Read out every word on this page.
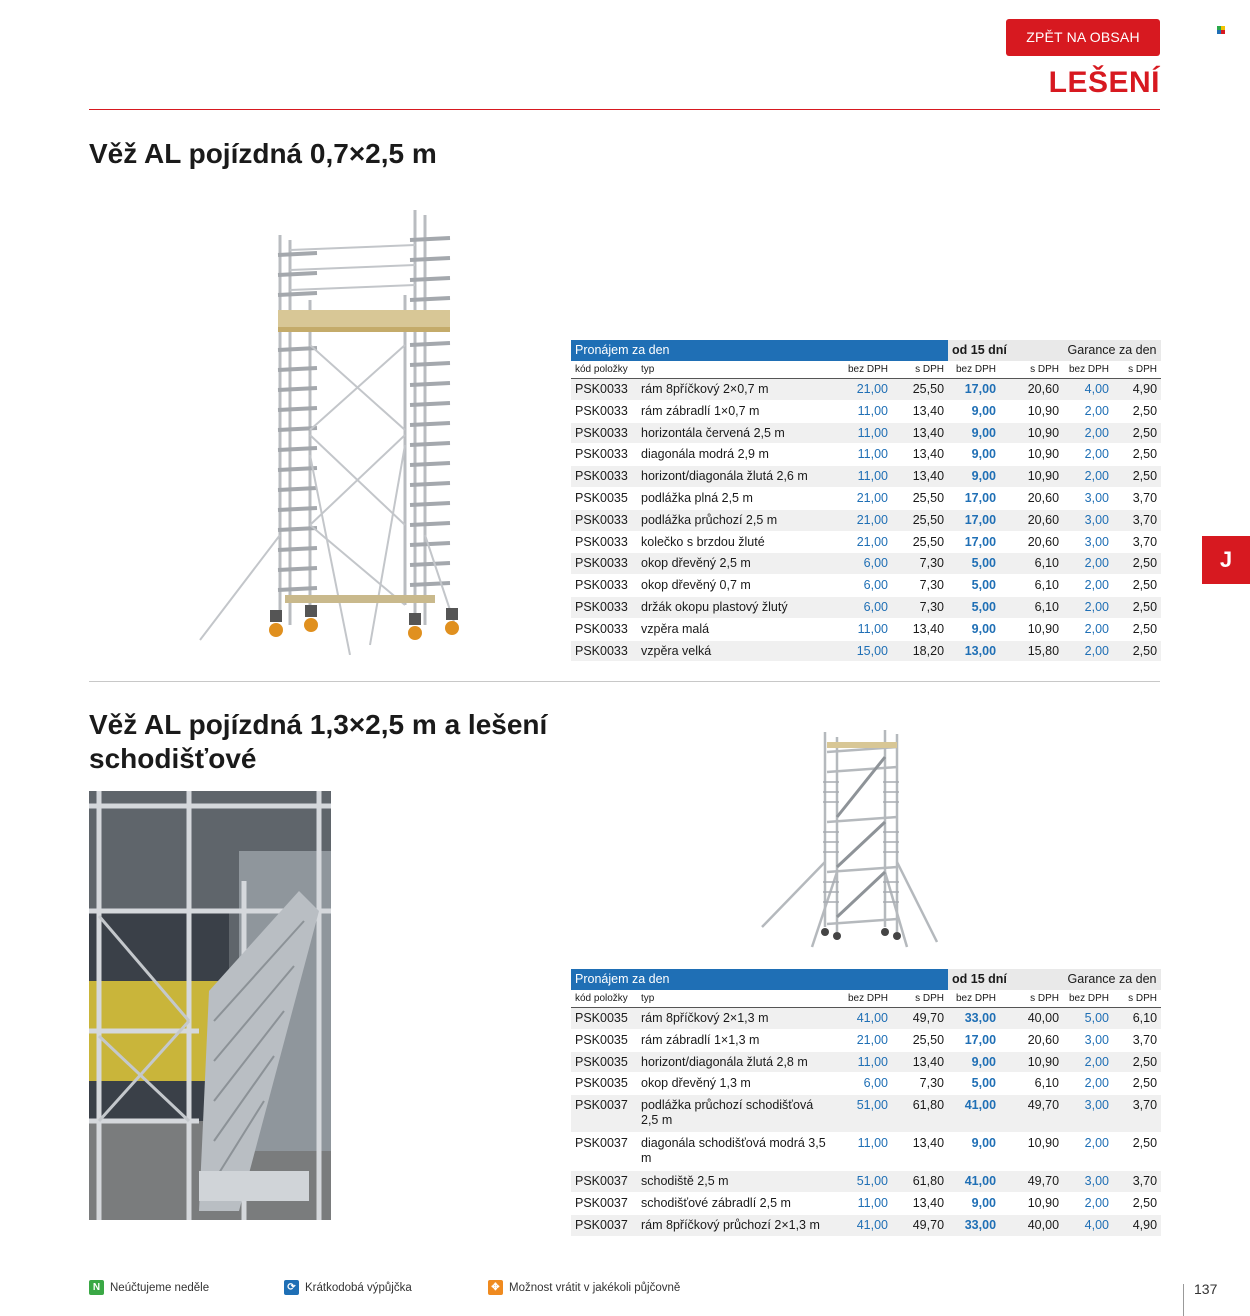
ZPĚT NA OBSAH
LEŠENÍ
J
Věž AL pojízdná 0,7×2,5 m
Pronájem za den				od 15 dní		Garance za den	
kód položky	typ	bez DPH	s DPH	bez DPH	s DPH	bez DPH	s DPH
PSK0033	rám 8příčkový 2×0,7 m	21,00	25,50	17,00	20,60	4,00	4,90
PSK0033	rám zábradlí 1×0,7 m	11,00	13,40	9,00	10,90	2,00	2,50
PSK0033	horizontála červená 2,5 m	11,00	13,40	9,00	10,90	2,00	2,50
PSK0033	diagonála modrá 2,9 m	11,00	13,40	9,00	10,90	2,00	2,50
PSK0033	horizont/diagonála žlutá 2,6 m	11,00	13,40	9,00	10,90	2,00	2,50
PSK0035	podlážka plná 2,5 m	21,00	25,50	17,00	20,60	3,00	3,70
PSK0033	podlážka průchozí 2,5 m	21,00	25,50	17,00	20,60	3,00	3,70
PSK0033	kolečko s brzdou žluté	21,00	25,50	17,00	20,60	3,00	3,70
PSK0033	okop dřevěný 2,5 m	6,00	7,30	5,00	6,10	2,00	2,50
PSK0033	okop dřevěný 0,7 m	6,00	7,30	5,00	6,10	2,00	2,50
PSK0033	držák okopu plastový žlutý	6,00	7,30	5,00	6,10	2,00	2,50
PSK0033	vzpěra malá	11,00	13,40	9,00	10,90	2,00	2,50
PSK0033	vzpěra velká	15,00	18,20	13,00	15,80	2,00	2,50
Věž AL pojízdná 1,3×2,5 m a lešení
schodišťové
Pronájem za den				od 15 dní		Garance za den	
kód položky	typ	bez DPH	s DPH	bez DPH	s DPH	bez DPH	s DPH
PSK0035	rám 8příčkový 2×1,3 m	41,00	49,70	33,00	40,00	5,00	6,10
PSK0035	rám zábradlí 1×1,3 m	21,00	25,50	17,00	20,60	3,00	3,70
PSK0035	horizont/diagonála žlutá 2,8 m	11,00	13,40	9,00	10,90	2,00	2,50
PSK0035	okop dřevěný 1,3 m	6,00	7,30	5,00	6,10	2,00	2,50
PSK0037	podlážka průchozí schodišťová 2,5 m	51,00	61,80	41,00	49,70	3,00	3,70
PSK0037	diagonála schodišťová modrá 3,5 m	11,00	13,40	9,00	10,90	2,00	2,50
PSK0037	schodiště 2,5 m	51,00	61,80	41,00	49,70	3,00	3,70
PSK0037	schodišťové zábradlí 2,5 m	11,00	13,40	9,00	10,90	2,00	2,50
PSK0037	rám 8příčkový průchozí 2×1,3 m	41,00	49,70	33,00	40,00	4,00	4,90
N Neúčtujeme neděle	⟳ Krátkodobá výpůjčka	✥ Možnost vrátit v jakékoli půjčovně	137
